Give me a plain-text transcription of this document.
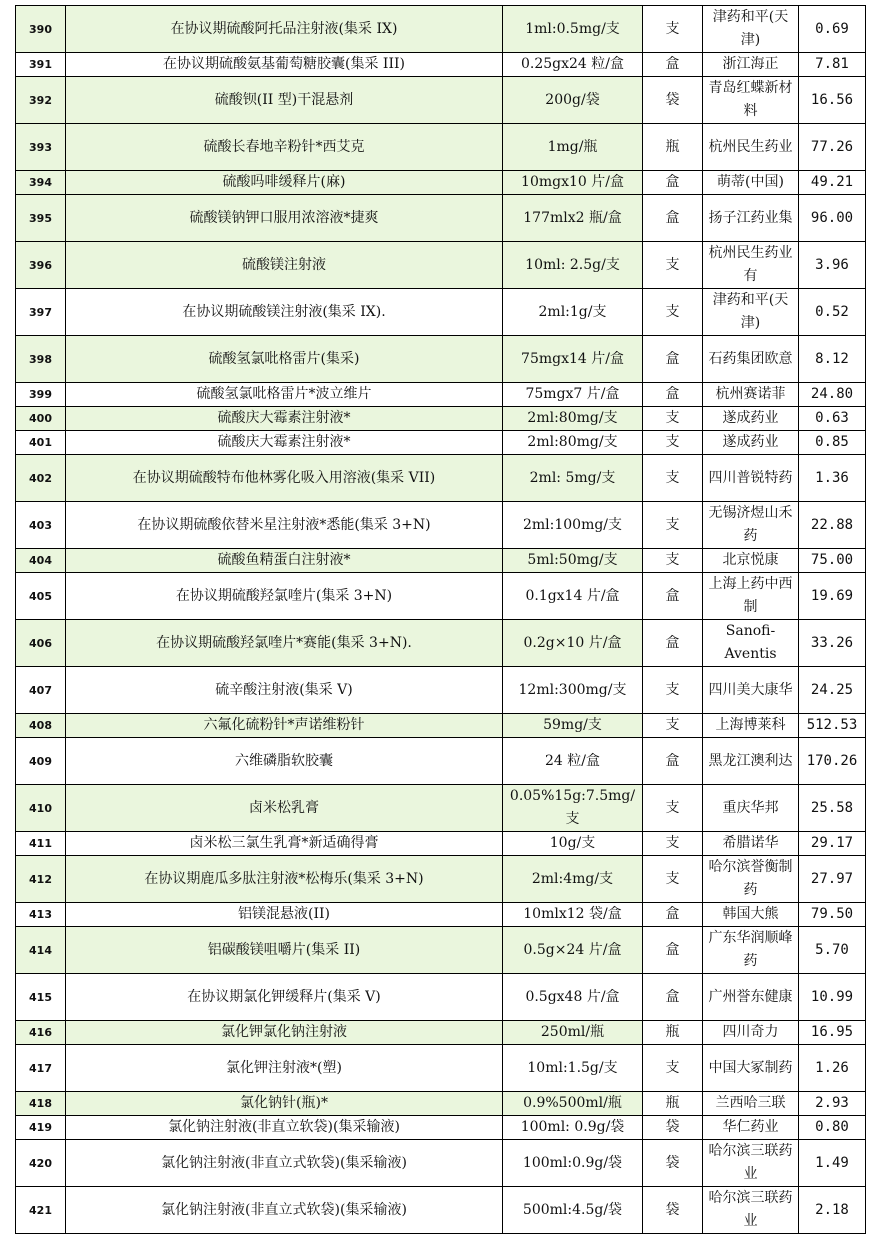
390	在协议期硫酸阿托品注射液(集采 IX)	1ml:0.5mg/支	支	津药和平(天津)	0.69
391	在协议期硫酸氨基葡萄糖胶囊(集采 III)	0.25gx24 粒/盒	盒	浙江海正	7.81
392	硫酸钡(II 型)干混悬剂	200g/袋	袋	青岛红蝶新材料	16.56
393	硫酸长春地辛粉针*西艾克	1mg/瓶	瓶	杭州民生药业	77.26
394	硫酸吗啡缓释片(麻)	10mgx10 片/盒	盒	萌蒂(中国)	49.21
395	硫酸镁钠钾口服用浓溶液*捷爽	177mlx2 瓶/盒	盒	扬子江药业集	96.00
396	硫酸镁注射液	10ml: 2.5g/支	支	杭州民生药业有	3.96
397	在协议期硫酸镁注射液(集采 IX).	2ml:1g/支	支	津药和平(天津)	0.52
398	硫酸氢氯吡格雷片(集采)	75mgx14 片/盒	盒	石药集团欧意	8.12
399	硫酸氢氯吡格雷片*波立维片	75mgx7 片/盒	盒	杭州赛诺菲	24.80
400	硫酸庆大霉素注射液*	2ml:80mg/支	支	遂成药业	0.63
401	硫酸庆大霉素注射液*	2ml:80mg/支	支	遂成药业	0.85
402	在协议期硫酸特布他林雾化吸入用溶液(集采 VII)	2ml: 5mg/支	支	四川普锐特药	1.36
403	在协议期硫酸依替米星注射液*悉能(集采 3+N)	2ml:100mg/支	支	无锡济煜山禾药	22.88
404	硫酸鱼精蛋白注射液*	5ml:50mg/支	支	北京悦康	75.00
405	在协议期硫酸羟氯喹片(集采 3+N)	0.1gx14 片/盒	盒	上海上药中西制	19.69
406	在协议期硫酸羟氯喹片*赛能(集采 3+N).	0.2g×10 片/盒	盒	Sanofi-Aventis	33.26
407	硫辛酸注射液(集采 V)	12ml:300mg/支	支	四川美大康华	24.25
408	六氟化硫粉针*声诺维粉针	59mg/支	支	上海博莱科	512.53
409	六维磷脂软胶囊	24 粒/盒	盒	黑龙江澳利达	170.26
410	卤米松乳膏	0.05%15g:7.5mg/支	支	重庆华邦	25.58
411	卤米松三氯生乳膏*新适确得膏	10g/支	支	希腊诺华	29.17
412	在协议期鹿瓜多肽注射液*松梅乐(集采 3+N)	2ml:4mg/支	支	哈尔滨誉衡制药	27.97
413	铝镁混悬液(II)	10mlx12 袋/盒	盒	韩国大熊	79.50
414	铝碳酸镁咀嚼片(集采 II)	0.5g×24 片/盒	盒	广东华润顺峰药	5.70
415	在协议期氯化钾缓释片(集采 V)	0.5gx48 片/盒	盒	广州誉东健康	10.99
416	氯化钾氯化钠注射液	250ml/瓶	瓶	四川奇力	16.95
417	氯化钾注射液*(塑)	10ml:1.5g/支	支	中国大冢制药	1.26
418	氯化钠针(瓶)*	0.9%500ml/瓶	瓶	兰西哈三联	2.93
419	氯化钠注射液(非直立软袋)(集采输液)	100ml: 0.9g/袋	袋	华仁药业	0.80
420	氯化钠注射液(非直立式软袋)(集采输液)	100ml:0.9g/袋	袋	哈尔滨三联药业	1.49
421	氯化钠注射液(非直立式软袋)(集采输液)	500ml:4.5g/袋	袋	哈尔滨三联药业	2.18
